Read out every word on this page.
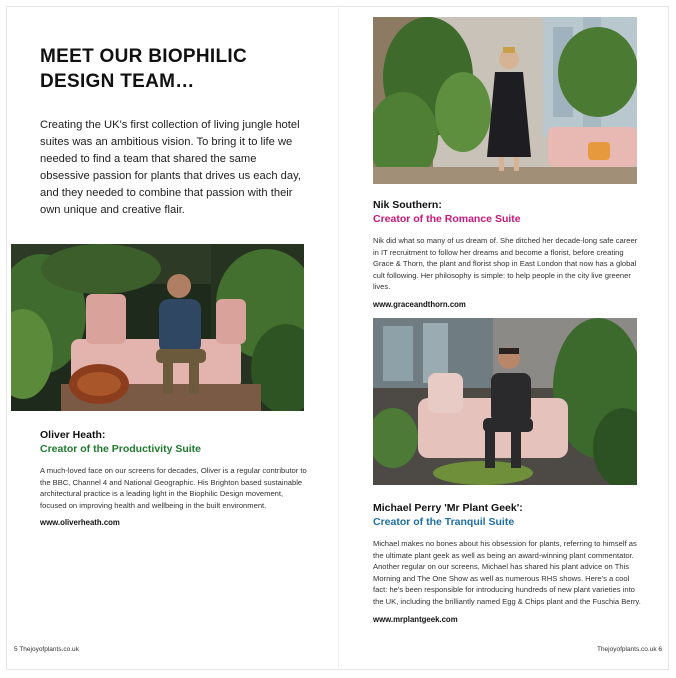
MEET OUR BIOPHILIC
DESIGN TEAM…

Creating the UK's first collection of living jungle hotel suites was an ambitious vision. To bring it to life we needed to find a team that shared the same obsessive passion for plants that drives us each day, and they needed to combine that passion with their own unique and creative flair.

Oliver Heath:

Creator of the Productivity Suite

A much-loved face on our screens for decades, Oliver is a regular contributor to the BBC, Channel 4 and National Geographic. His Brighton based sustainable architectural practice is a leading light in the Biophilic Design movement, focused on improving health and wellbeing in the built environment.

www.oliverheath.com

5 Thejoyofplants.co.uk

Nik Southern:

Creator of the Romance Suite

Nik did what so many of us dream of. She ditched her decade-long safe career in IT recruitment to follow her dreams and become a florist, before creating Grace & Thorn, the plant and florist shop in East London that now has a global cult following. Her philosophy is simple: to help people in the city live greener lives.

www.graceandthorn.com

Michael Perry 'Mr Plant Geek':

Creator of the Tranquil Suite

Michael makes no bones about his obsession for plants, referring to himself as the ultimate plant geek as well as being an award-winning plant commentator. Another regular on our screens, Michael has shared his plant advice on This Morning and The One Show as well as numerous RHS shows. Here's a cool fact: he's been responsible for introducing hundreds of new plant varieties into the UK, including the brilliantly named Egg & Chips plant and the Fuschia Berry.

www.mrplantgeek.com

Thejoyofplants.co.uk 6
